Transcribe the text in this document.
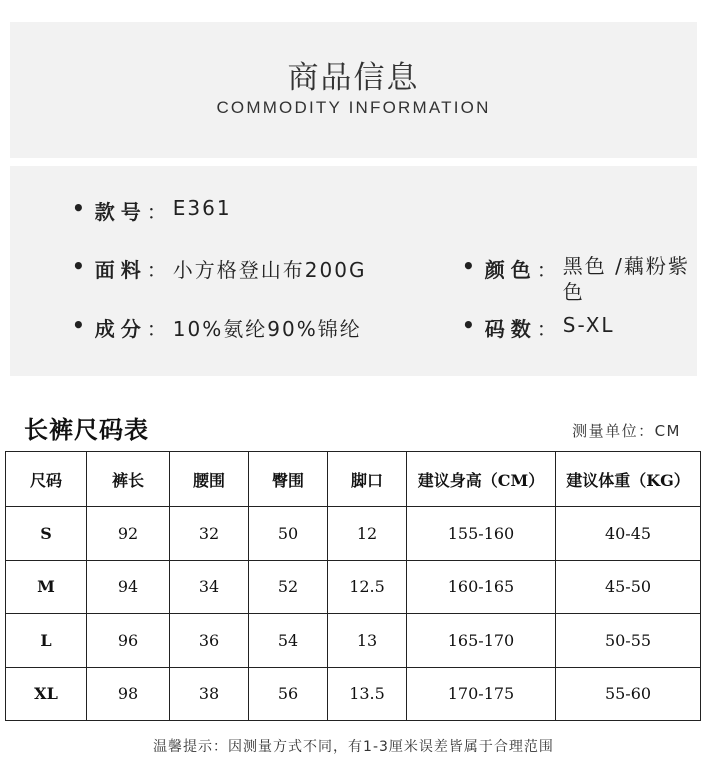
商品信息
COMMODITY INFORMATION
• 款号 ： E361
• 面料 ： 小方格登山布200G
• 成分 ： 10%氨纶90%锦纶
• 颜色 ： 黑色 /藕粉紫色
• 码数 ： S-XL
长裤尺码表	测量单位：CM
尺码	裤长	腰围	臀围	脚口	建议身高（CM）	建议体重（KG）
S	92	32	50	12	155-160	40-45
M	94	34	52	12.5	160-165	45-50
L	96	36	54	13	165-170	50-55
XL	98	38	56	13.5	170-175	55-60
温馨提示：因测量方式不同，有1-3厘米误差皆属于合理范围
